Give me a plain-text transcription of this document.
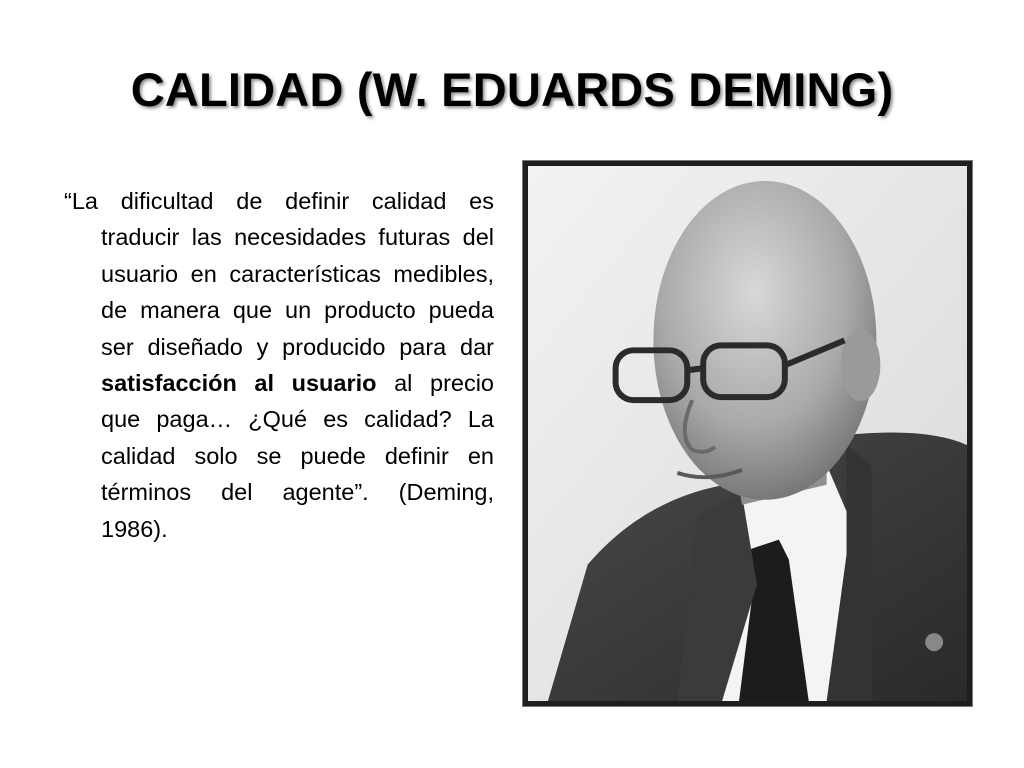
CALIDAD (W. EDUARDS DEMING)

“La dificultad de definir calidad es traducir las necesidades futuras del usuario en características medibles, de manera que un producto pueda ser diseñado y producido para dar satisfacción al usuario al precio que paga… ¿Qué es calidad? La calidad solo se puede definir en términos del agente”. (Deming, 1986).
